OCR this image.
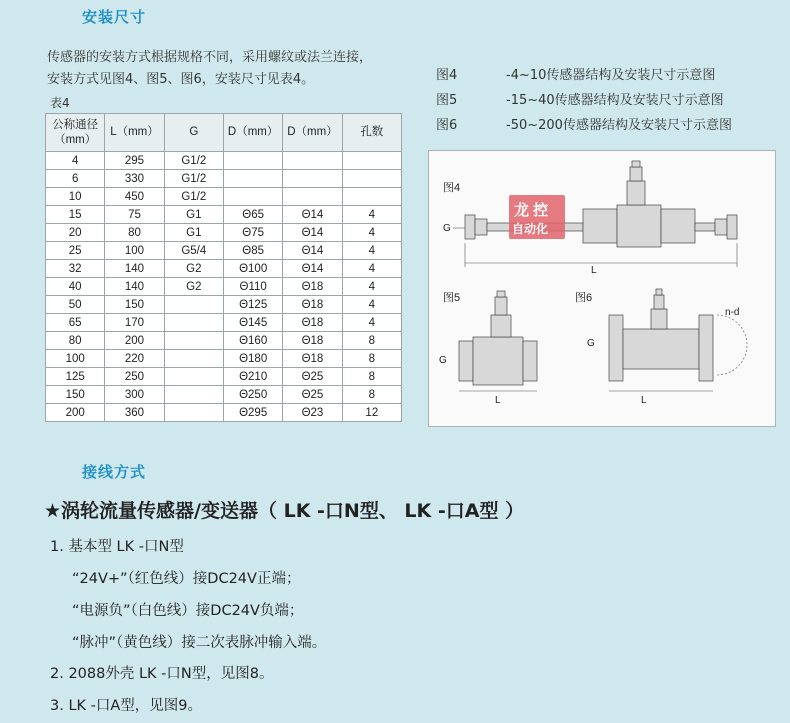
安装尺寸
传感器的安装方式根据规格不同，采用螺纹或法兰连接，
安装方式见图4、图5、图6，安装尺寸见表4。
表4
图4	-4~10传感器结构及安装尺寸示意图
图5	-15~40传感器结构及安装尺寸示意图
图6	-50~200传感器结构及安装尺寸示意图
公称通径（mm）	L（mm）	G	D（mm）	D（mm）	孔数
4	295	G1/2			
6	330	G1/2			
10	450	G1/2			
15	75	G1	Θ65	Θ14	4
20	80	G1	Θ75	Θ14	4
25	100	G5/4	Θ85	Θ14	4
32	140	G2	Θ100	Θ14	4
40	140	G2	Θ110	Θ18	4
50	150		Θ125	Θ18	4
65	170		Θ145	Θ18	4
80	200		Θ160	Θ18	8
100	220		Θ180	Θ18	8
125	250		Θ210	Θ25	8
150	300		Θ250	Θ25	8
200	360		Θ295	Θ23	12
图4
G
L
龙 控
自动化
图5
G
L
图6
G
n-d
L
接线方式
★涡轮流量传感器/变送器（ LK -口N型、 LK -口A型 ）
1. 基本型 LK -口N型
“24V+”（红色线）接DC24V正端；
“电源负”（白色线）接DC24V负端；
“脉冲”（黄色线）接二次表脉冲输入端。
2. 2088外壳 LK -口N型，见图8。
3. LK -口A型，见图9。
